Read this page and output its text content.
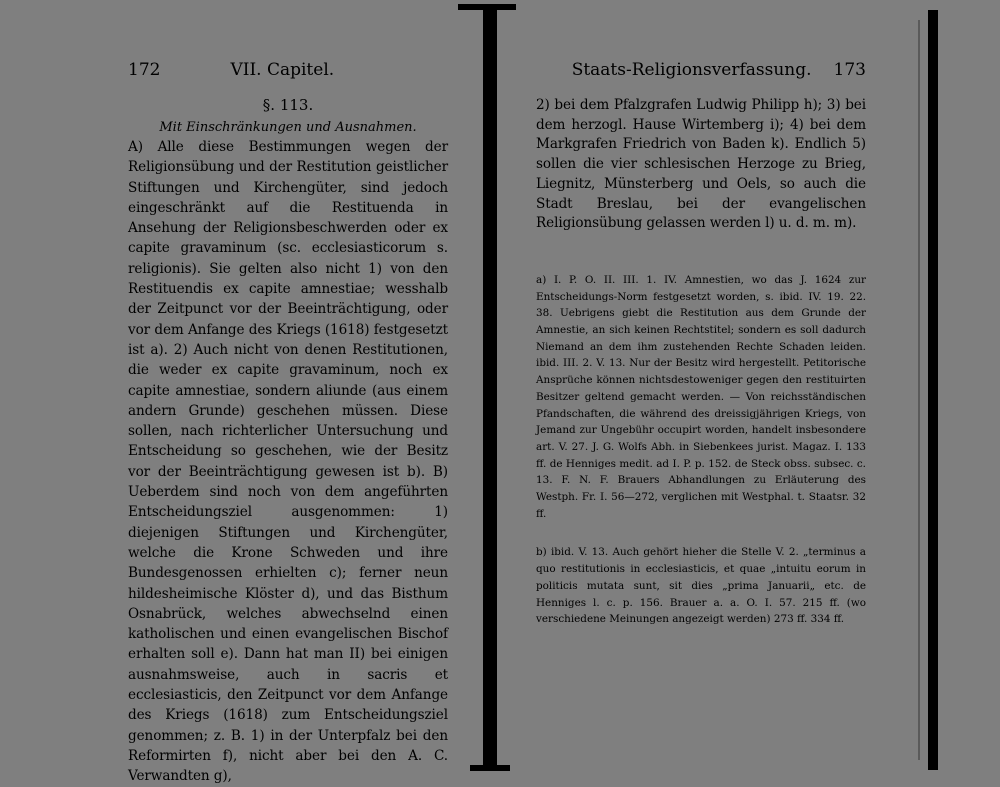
172	VII. Capitel.
§. 113.
Mit Einschränkungen und Ausnahmen.
A) Alle diese Bestimmungen wegen der Religionsübung und der Restitution geistlicher Stiftungen und Kirchengüter, sind jedoch eingeschränkt auf die Restituenda in Ansehung der Religionsbeschwerden oder ex capite gravaminum (sc. ecclesiasticorum s. religionis). Sie gelten also nicht 1) von den Restituendis ex capite amnestiae; wesshalb der Zeitpunct vor der Beeinträchtigung, oder vor dem Anfange des Kriegs (1618) festgesetzt ist a). 2) Auch nicht von denen Restitutionen, die weder ex capite gravaminum, noch ex capite amnestiae, sondern aliunde (aus einem andern Grunde) geschehen müssen. Diese sollen, nach richterlicher Untersuchung und Entscheidung so geschehen, wie der Besitz vor der Beeinträchtigung gewesen ist b). B) Ueberdem sind noch von dem angeführten Entscheidungsziel ausgenommen: 1) diejenigen Stiftungen und Kirchengüter, welche die Krone Schweden und ihre Bundesgenossen erhielten c); ferner neun hildesheimische Klöster d), und das Bisthum Osnabrück, welches abwechselnd einen katholischen und einen evangelischen Bischof erhalten soll e). Dann hat man II) bei einigen ausnahmsweise, auch in sacris et ecclesiasticis, den Zeitpunct vor dem Anfange des Kriegs (1618) zum Entscheidungsziel genommen; z. B. 1) in der Unterpfalz bei den Reformirten f), nicht aber bei den A. C. Verwandten g),
Staats-Religionsverfassung. 173
2) bei dem Pfalzgrafen Ludwig Philipp h); 3) bei dem herzogl. Hause Wirtemberg i); 4) bei dem Markgrafen Friedrich von Baden k). Endlich 5) sollen die vier schlesischen Herzoge zu Brieg, Liegnitz, Münsterberg und Oels, so auch die Stadt Breslau, bei der evangelischen Religionsübung gelassen werden l) u. d. m. m).
a) I. P. O. II. III. 1. IV. Amnestien, wo das J. 1624 zur Entscheidungs-Norm festgesetzt worden, s. ibid. IV. 19. 22. 38. Uebrigens giebt die Restitution aus dem Grunde der Amnestie, an sich keinen Rechtstitel; sondern es soll dadurch Niemand an dem ihm zustehenden Rechte Schaden leiden. ibid. III. 2. V. 13. Nur der Besitz wird hergestellt. Petitorische Ansprüche können nichtsdestoweniger gegen den restituirten Besitzer geltend gemacht werden. — Von reichsständischen Pfandschaften, die während des dreissigjährigen Kriegs, von Jemand zur Ungebühr occupirt worden, handelt insbesondere art. V. 27. J. G. Wolfs Abh. in Siebenkees jurist. Magaz. I. 133 ff. de Henniges medit. ad I. P. p. 152. de Steck obss. subsec. c. 13. F. N. F. Brauers Abhandlungen zu Erläuterung des Westph. Fr. I. 56—272, verglichen mit Westphal. t. Staatsr. 32 ff.
b) ibid. V. 13. Auch gehört hieher die Stelle V. 2. „terminus a quo restitutionis in ecclesiasticis, et quae „intuitu eorum in politicis mutata sunt, sit dies „prima Januarii„ etc. de Henniges l. c. p. 156. Brauer a. a. O. I. 57. 215 ff. (wo verschiedene Meinungen angezeigt werden) 273 ff. 334 ff.
